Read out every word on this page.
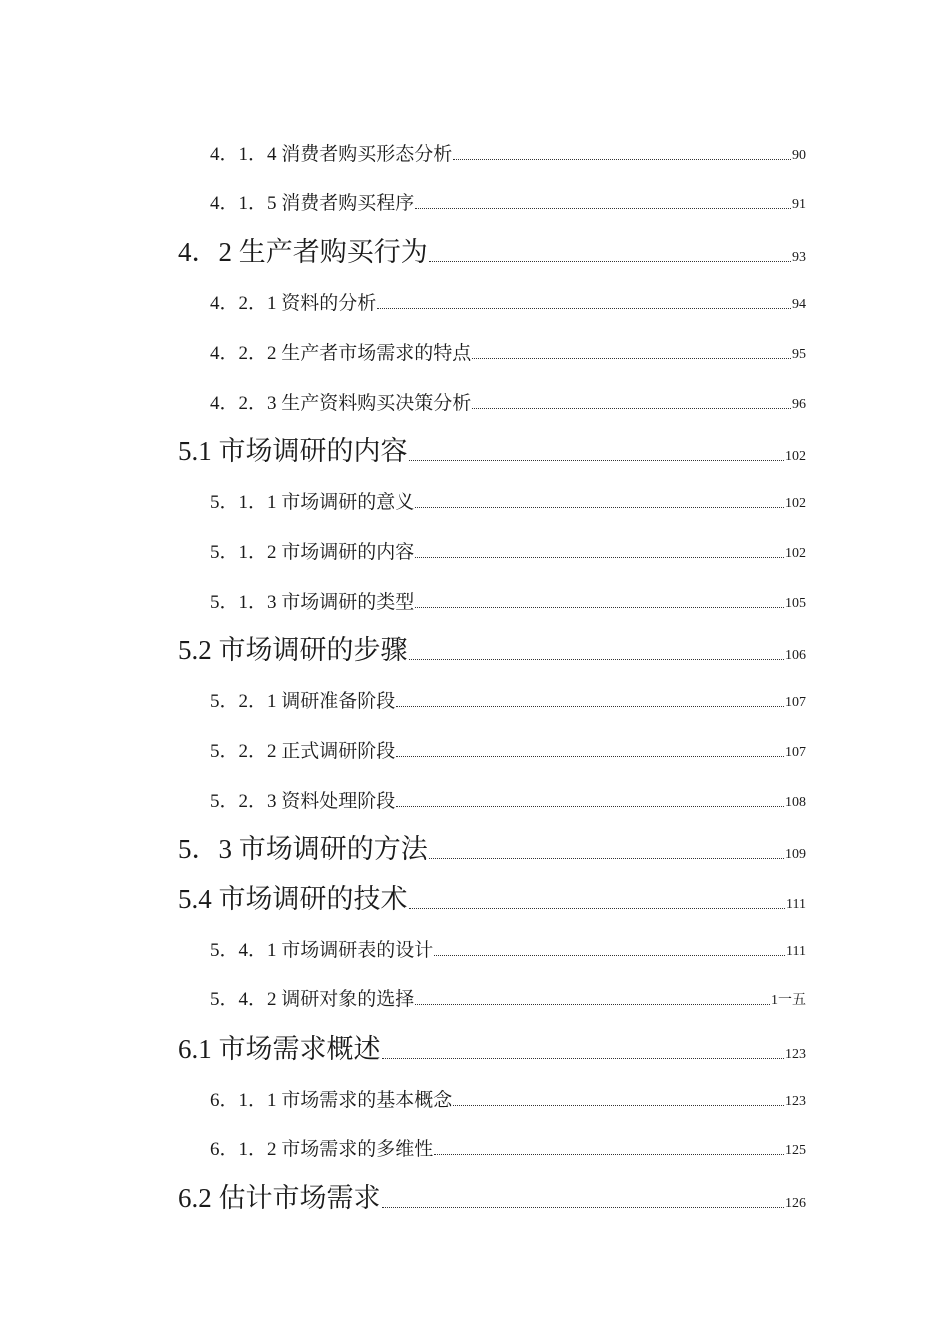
4．1．4 消费者购买形态分析	90
4．1．5 消费者购买程序	91
4．2 生产者购买行为	93
4．2．1 资料的分析	94
4．2．2 生产者市场需求的特点	95
4．2．3 生产资料购买决策分析	96
5.1 市场调研的内容	102
5．1．1 市场调研的意义	102
5．1．2 市场调研的内容	102
5．1．3 市场调研的类型	105
5.2 市场调研的步骤	106
5．2．1 调研准备阶段	107
5．2．2 正式调研阶段	107
5．2．3 资料处理阶段	108
5．3 市场调研的方法	109
5.4 市场调研的技术	111
5．4．1 市场调研表的设计	111
5．4．2 调研对象的选择	1一五
6.1 市场需求概述	123
6．1．1 市场需求的基本概念	123
6．1．2 市场需求的多维性	125
6.2 估计市场需求	126
